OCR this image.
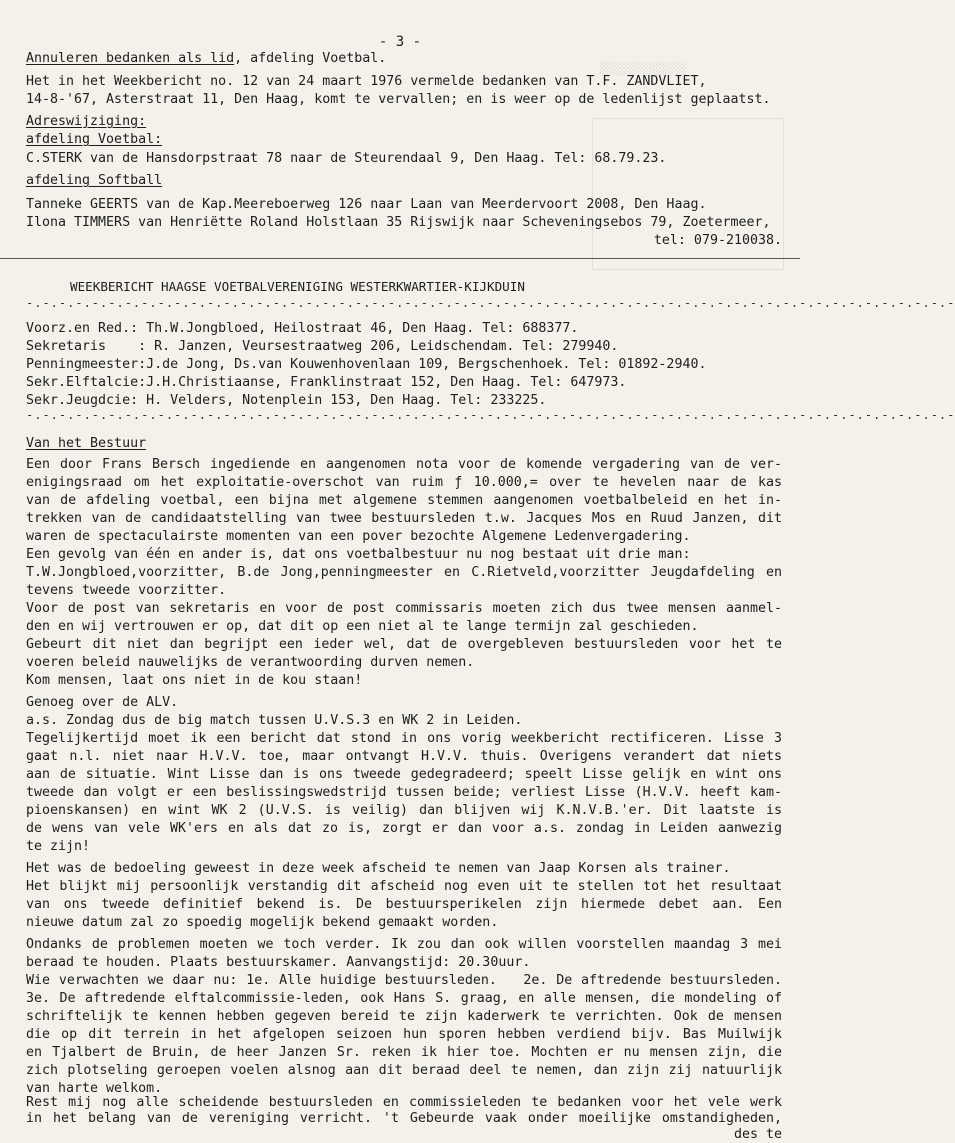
░░░░░░░░░░░░
- 3 -
Annuleren bedanken als lid, afdeling Voetbal.
Het in het Weekbericht no. 12 van 24 maart 1976 vermelde bedanken van T.F. ZANDVLIET,
14-8-'67, Asterstraat 11, Den Haag, komt te vervallen; en is weer op de ledenlijst geplaatst.
Adreswijziging:
afdeling Voetbal:
C.STERK van de Hansdorpstraat 78 naar de Steurendaal 9, Den Haag. Tel: 68.79.23.
afdeling Softball
Tanneke GEERTS van de Kap.Meereboerweg 126 naar Laan van Meerdervoort 2008, Den Haag.
Ilona TIMMERS van Henriëtte Roland Holstlaan 35 Rijswijk naar Scheveningsebos 79, Zoetermeer,
tel: 079-210038.
WEEKBERICHT HAAGSE VOETBALVERENIGING WESTERKWARTIER-KIJKDUIN
-.-.-.-.-.-.-.-.-.-.-.-.-.-.-.-.-.-.-.-.-.-.-.-.-.-.-.-.-.-.-.-.-.-.-.-.-.-.-.-.-.-.-.-.-.-.-.-.-.-.-.-.-.-.-.-.-
Voorz.en Red.: Th.W.Jongbloed, Heilostraat 46, Den Haag. Tel: 688377.
Sekretaris    : R. Janzen, Veursestraatweg 206, Leidschendam. Tel: 279940.
Penningmeester:J.de Jong, Ds.van Kouwenhovenlaan 109, Bergschenhoek. Tel: 01892-2940.
Sekr.Elftalcie:J.H.Christiaanse, Franklinstraat 152, Den Haag. Tel: 647973.
Sekr.Jeugdcie: H. Velders, Notenplein 153, Den Haag. Tel: 233225.
-.-.-.-.-.-.-.-.-.-.-.-.-.-.-.-.-.-.-.-.-.-.-.-.-.-.-.-.-.-.-.-.-.-.-.-.-.-.-.-.-.-.-.-.-.-.-.-.-.-.-.-.-.-.-.-.-
Van het Bestuur
Een door Frans Bersch ingediende en aangenomen nota voor de komende vergadering van de ver-
enigingsraad om het exploitatie-overschot van ruim ƒ 10.000,= over te hevelen naar de kas
van de afdeling voetbal, een bijna met algemene stemmen aangenomen voetbalbeleid en het in-
trekken van de candidaatstelling van twee bestuursleden t.w. Jacques Mos en Ruud Janzen, dit
waren de spectaculairste momenten van een pover bezochte Algemene Ledenvergadering.
Een gevolg van één en ander is, dat ons voetbalbestuur nu nog bestaat uit drie man:
T.W.Jongbloed,voorzitter, B.de Jong,penningmeester en C.Rietveld,voorzitter Jeugdafdeling en
tevens tweede voorzitter.
Voor de post van sekretaris en voor de post commissaris moeten zich dus twee mensen aanmel-
den en wij vertrouwen er op, dat dit op een niet al te lange termijn zal geschieden.
Gebeurt dit niet dan begrijpt een ieder wel, dat de overgebleven bestuursleden voor het te
voeren beleid nauwelijks de verantwoording durven nemen.
Kom mensen, laat ons niet in de kou staan!
Genoeg over de ALV.
a.s. Zondag dus de big match tussen U.V.S.3 en WK 2 in Leiden.
Tegelijkertijd moet ik een bericht dat stond in ons vorig weekbericht rectificeren. Lisse 3
gaat n.l. niet naar H.V.V. toe, maar ontvangt H.V.V. thuis. Overigens verandert dat niets
aan de situatie. Wint Lisse dan is ons tweede gedegradeerd; speelt Lisse gelijk en wint ons
tweede dan volgt er een beslissingswedstrijd tussen beide; verliest Lisse (H.V.V. heeft kam-
pioenskansen) en wint WK 2 (U.V.S. is veilig) dan blijven wij K.N.V.B.'er. Dit laatste is
de wens van vele WK'ers en als dat zo is, zorgt er dan voor a.s. zondag in Leiden aanwezig
te zijn!
Het was de bedoeling geweest in deze week afscheid te nemen van Jaap Korsen als trainer.
Het blijkt mij persoonlijk verstandig dit afscheid nog even uit te stellen tot het resultaat
van ons tweede definitief bekend is. De bestuursperikelen zijn hiermede debet aan. Een
nieuwe datum zal zo spoedig mogelijk bekend gemaakt worden.
Ondanks de problemen moeten we toch verder. Ik zou dan ook willen voorstellen maandag 3 mei
beraad te houden. Plaats bestuurskamer. Aanvangstijd: 20.30uur.
Wie verwachten we daar nu: 1e. Alle huidige bestuursleden.   2e. De aftredende bestuursleden.
3e. De aftredende elftalcommissie-leden, ook Hans S. graag, en alle mensen, die mondeling of
schriftelijk te kennen hebben gegeven bereid te zijn kaderwerk te verrichten. Ook de mensen
die op dit terrein in het afgelopen seizoen hun sporen hebben verdiend bijv. Bas Muilwijk
en Tjalbert de Bruin, de heer Janzen Sr. reken ik hier toe. Mochten er nu mensen zijn, die
zich plotseling geroepen voelen alsnog aan dit beraad deel te nemen, dan zijn zij natuurlijk
van harte welkom.
Rest mij nog alle scheidende bestuursleden en commissieleden te bedanken voor het vele werk
in het belang van de vereniging verricht. 't Gebeurde vaak onder moeilijke omstandigheden,
des te
